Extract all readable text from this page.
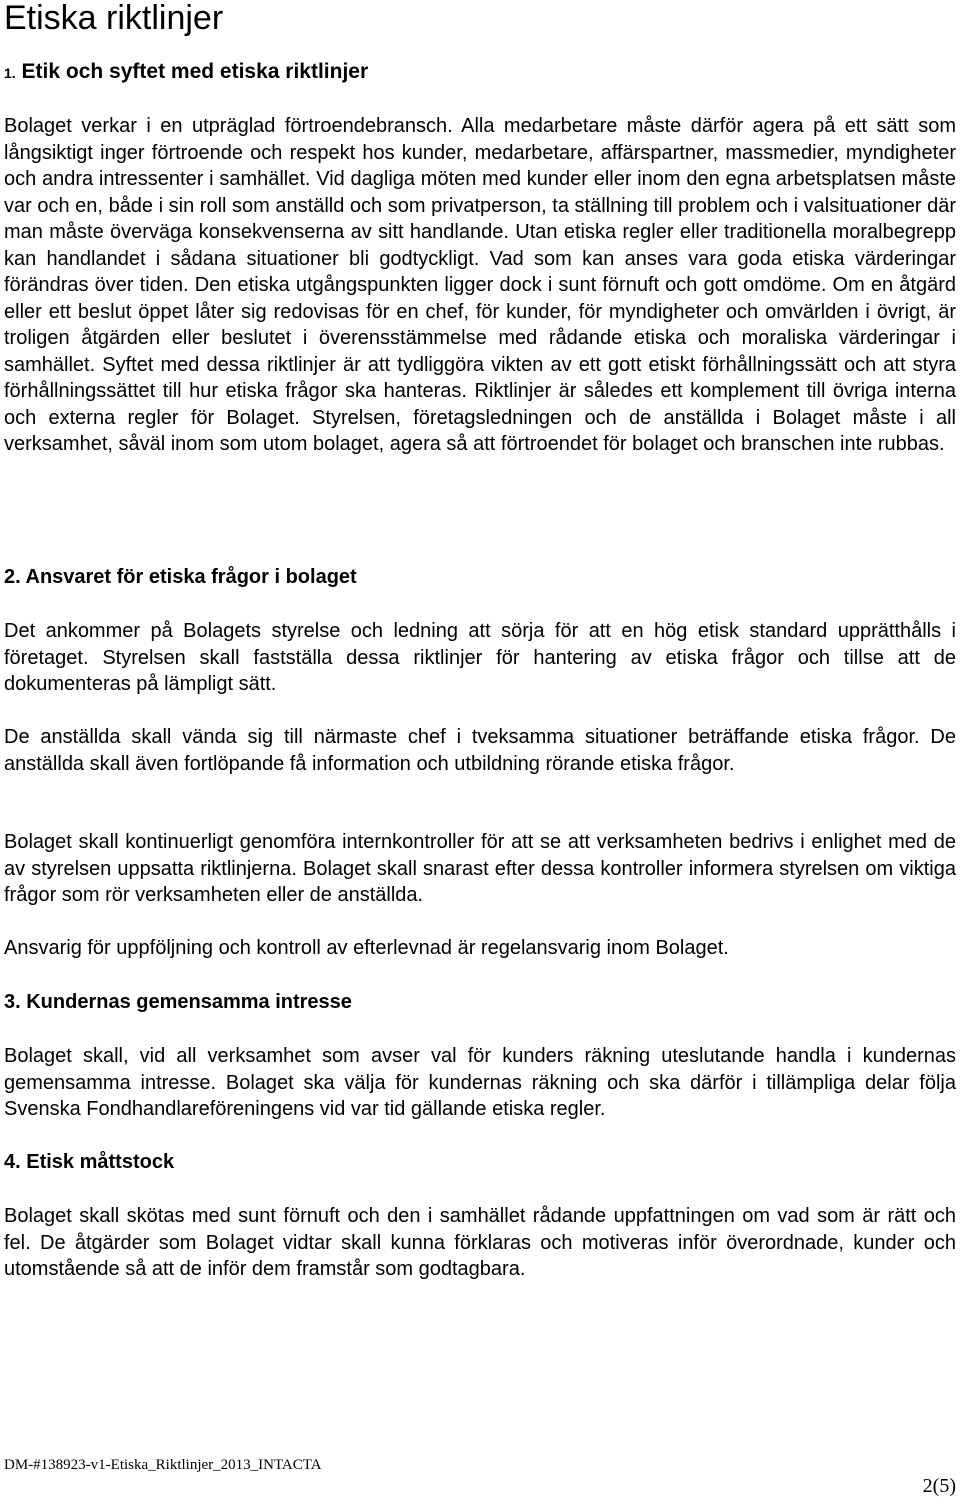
Etiska riktlinjer
1. Etik och syftet med etiska riktlinjer

Bolaget verkar i en utpräglad förtroendebransch. Alla medarbetare måste därför agera på ett sätt som långsiktigt inger förtroende och respekt hos kunder, medarbetare, affärspartner, massmedier, myndigheter och andra intressenter i samhället. Vid dagliga möten med kunder eller inom den egna arbetsplatsen måste var och en, både i sin roll som anställd och som privatperson, ta ställning till problem och i valsituationer där man måste överväga konsekvenserna av sitt handlande. Utan etiska regler eller traditionella moralbegrepp kan handlandet i sådana situationer bli godtyckligt. Vad som kan anses vara goda etiska värderingar förändras över tiden. Den etiska utgångspunkten ligger dock i sunt förnuft och gott omdöme. Om en åtgärd eller ett beslut öppet låter sig redovisas för en chef, för kunder, för myndigheter och omvärlden i övrigt, är troligen åtgärden eller beslutet i överensstämmelse med rådande etiska och moraliska värderingar i samhället. Syftet med dessa riktlinjer är att tydliggöra vikten av ett gott etiskt förhållningssätt och att styra förhållningssättet till hur etiska frågor ska hanteras. Riktlinjer är således ett komplement till övriga interna och externa regler för Bolaget. Styrelsen, företagsledningen och de anställda i Bolaget måste i all verksamhet, såväl inom som utom bolaget, agera så att förtroendet för bolaget och branschen inte rubbas.

2. Ansvaret för etiska frågor i bolaget

Det ankommer på Bolagets styrelse och ledning att sörja för att en hög etisk standard upprätthålls i företaget. Styrelsen skall fastställa dessa riktlinjer för hantering av etiska frågor och tillse att de dokumenteras på lämpligt sätt.

De anställda skall vända sig till närmaste chef i tveksamma situationer beträffande etiska frågor. De anställda skall även fortlöpande få information och utbildning rörande etiska frågor.

Bolaget skall kontinuerligt genomföra internkontroller för att se att verksamheten bedrivs i enlighet med de av styrelsen uppsatta riktlinjerna. Bolaget skall snarast efter dessa kontroller informera styrelsen om viktiga frågor som rör verksamheten eller de anställda.

Ansvarig för uppföljning och kontroll av efterlevnad är regelansvarig inom Bolaget.

3. Kundernas gemensamma intresse

Bolaget skall, vid all verksamhet som avser val för kunders räkning uteslutande handla i kundernas gemensamma intresse. Bolaget ska välja för kundernas räkning och ska därför i tillämpliga delar följa Svenska Fondhandlareföreningens vid var tid gällande etiska regler.

4. Etisk måttstock

Bolaget skall skötas med sunt förnuft och den i samhället rådande uppfattningen om vad som är rätt och fel. De åtgärder som Bolaget vidtar skall kunna förklaras och motiveras inför överordnade, kunder och utomstående så att de inför dem framstår som godtagbara.

DM-#138923-v1-Etiska_Riktlinjer_2013_INTACTA
2(5)
